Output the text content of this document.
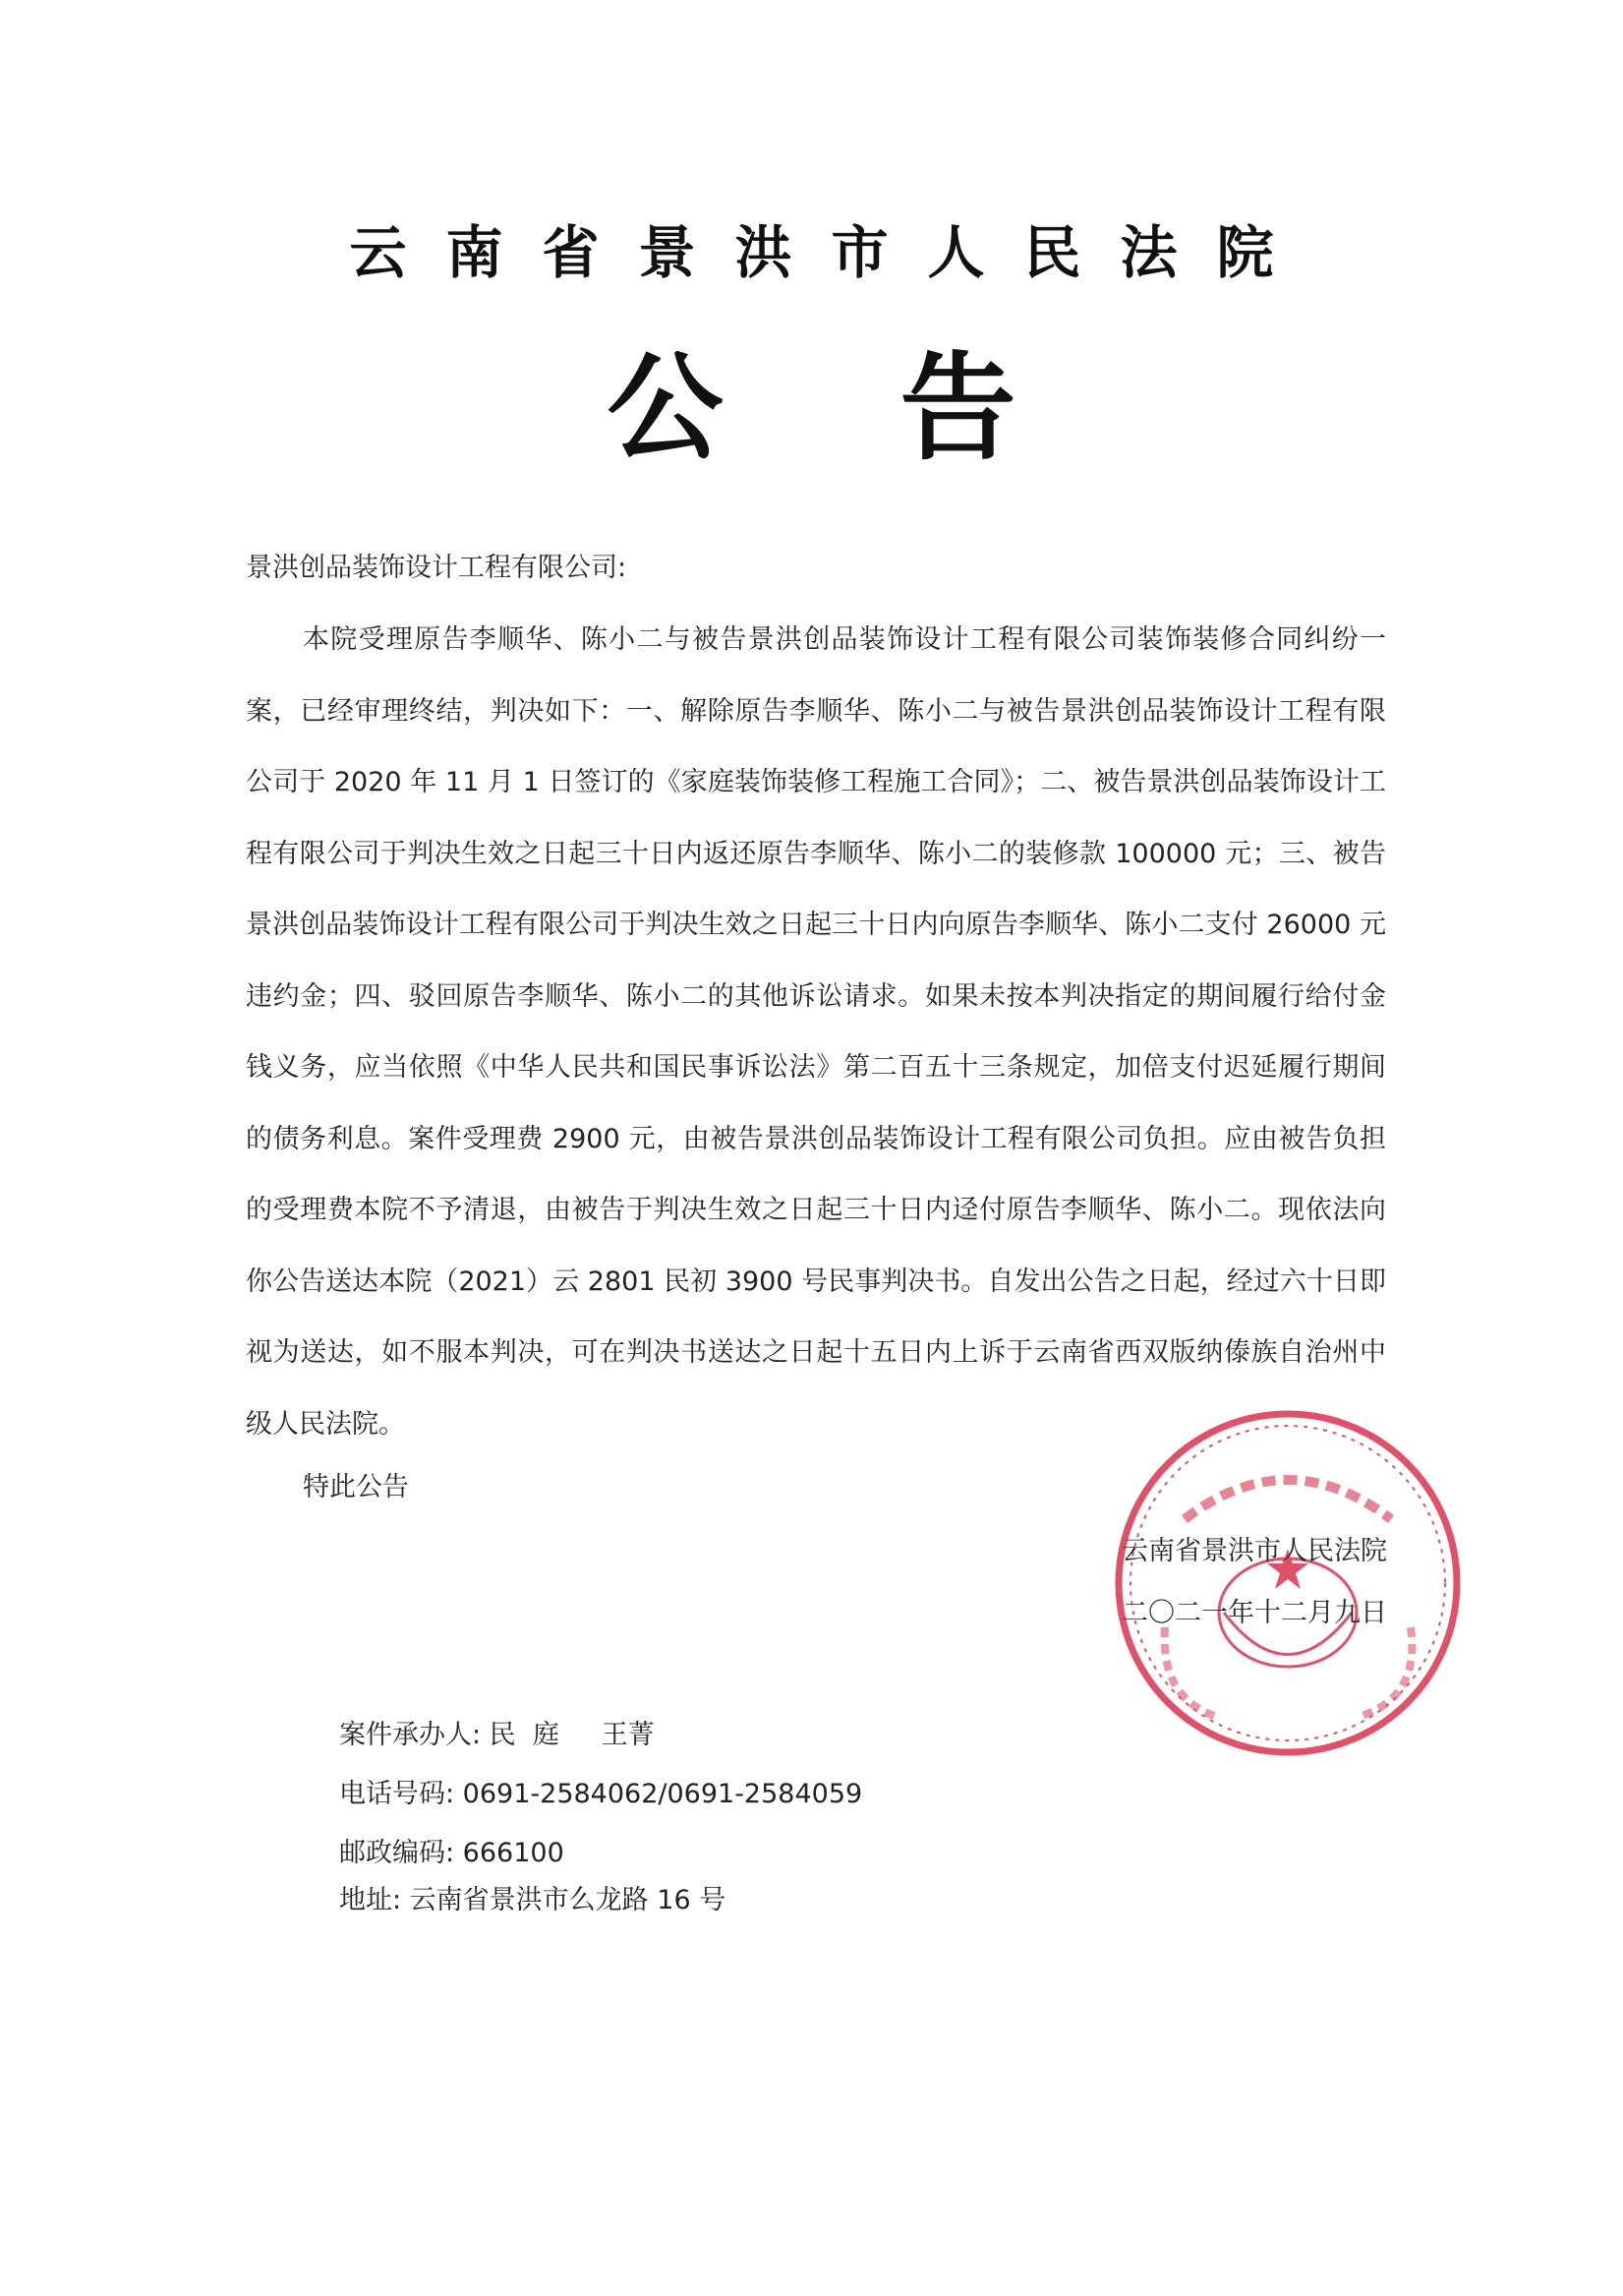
云南省景洪市人民法院
公告
景洪创品装饰设计工程有限公司:

本院受理原告李顺华、陈小二与被告景洪创品装饰设计工程有限公司装饰装修合同纠纷一案，已经审理终结，判决如下：一、解除原告李顺华、陈小二与被告景洪创品装饰设计工程有限公司于 2020 年 11 月 1 日签订的《家庭装饰装修工程施工合同》；二、被告景洪创品装饰设计工程有限公司于判决生效之日起三十日内返还原告李顺华、陈小二的装修款 100000 元；三、被告景洪创品装饰设计工程有限公司于判决生效之日起三十日内向原告李顺华、陈小二支付 26000 元违约金；四、驳回原告李顺华、陈小二的其他诉讼请求。如果未按本判决指定的期间履行给付金钱义务，应当依照《中华人民共和国民事诉讼法》第二百五十三条规定，加倍支付迟延履行期间的债务利息。案件受理费 2900 元，由被告景洪创品装饰设计工程有限公司负担。应由被告负担的受理费本院不予清退，由被告于判决生效之日起三十日内迳付原告李顺华、陈小二。现依法向你公告送达本院（2021）云 2801 民初 3900 号民事判决书。自发出公告之日起，经过六十日即视为送达，如不服本判决，可在判决书送达之日起十五日内上诉于云南省西双版纳傣族自治州中级人民法院。

特此公告
云南省景洪市人民法院
二〇二一年十二月九日
案件承办人: 民  庭     王菁
电话号码: 0691-2584062/0691-2584059
邮政编码: 666100
地址: 云南省景洪市么龙路 16 号
